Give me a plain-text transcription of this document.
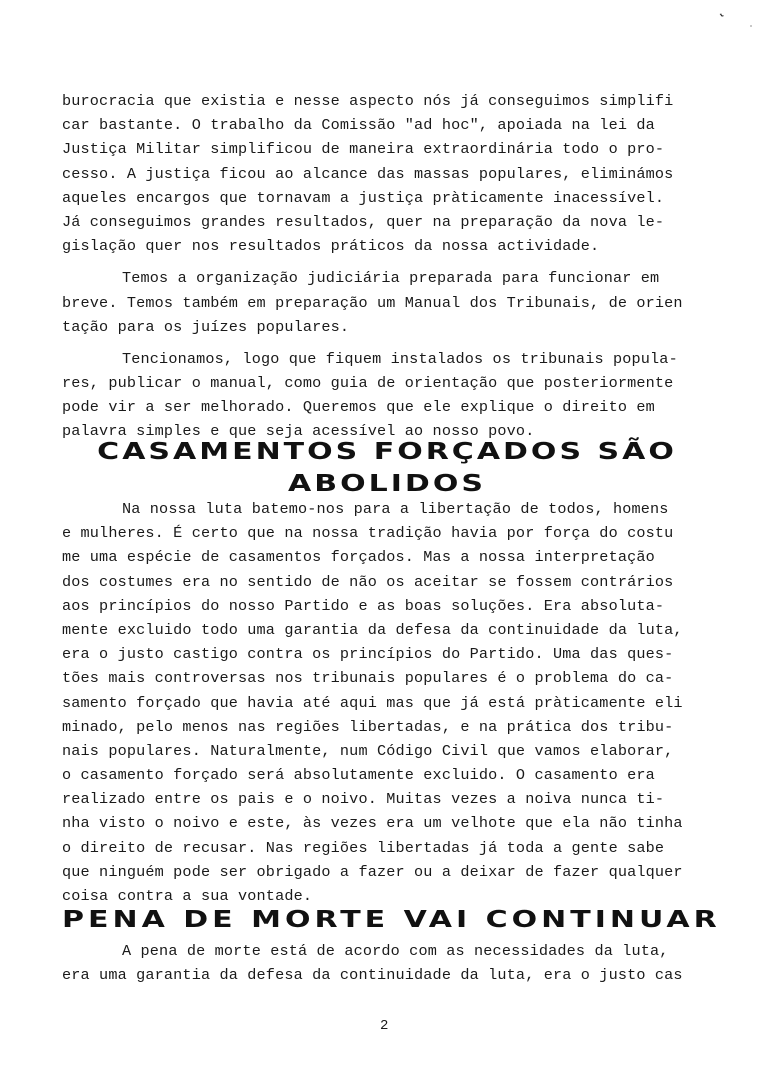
˞
˙
burocracia que existia e nesse aspecto nós já conseguimos simplifi
car bastante. O trabalho da Comissão "ad hoc", apoiada na lei da
Justiça Militar simplificou de maneira extraordinária todo o pro-
cesso. A justiça ficou ao alcance das massas populares, eliminámos
aqueles encargos que tornavam a justiça pràticamente inacessível.
Já conseguimos grandes resultados, quer na preparação da nova le-
gislação quer nos resultados práticos da nossa actividade.
Temos a organização judiciária preparada para funcionar em
breve. Temos também em preparação um Manual dos Tribunais, de orien
tação para os juízes populares.
Tencionamos, logo que fiquem instalados os tribunais popula-
res, publicar o manual, como guia de orientação que posteriormente
pode vir a ser melhorado. Queremos que ele explique o direito em
palavra simples e que seja acessível ao nosso povo.
CASAMENTOS FORÇADOS SÃO
ABOLIDOS
Na nossa luta batemo-nos para a libertação de todos, homens
e mulheres. É certo que na nossa tradição havia por força do costu
me uma espécie de casamentos forçados. Mas a nossa interpretação
dos costumes era no sentido de não os aceitar se fossem contrários
aos princípios do nosso Partido e as boas soluções. Era absoluta-
mente excluido todo uma garantia da defesa da continuidade da luta,
era o justo castigo contra os princípios do Partido. Uma das ques-
tões mais controversas nos tribunais populares é o problema do ca-
samento forçado que havia até aqui mas que já está pràticamente eli
minado, pelo menos nas regiões libertadas, e na prática dos tribu-
nais populares. Naturalmente, num Código Civil que vamos elaborar,
o casamento forçado será absolutamente excluido. O casamento era
realizado entre os pais e o noivo. Muitas vezes a noiva nunca ti-
nha visto o noivo e este, às vezes era um velhote que ela não tinha
o direito de recusar. Nas regiões libertadas já toda a gente sabe
que ninguém pode ser obrigado a fazer ou a deixar de fazer qualquer
coisa contra a sua vontade.
PENA DE MORTE VAI CONTINUAR
A pena de morte está de acordo com as necessidades da luta,
era uma garantia da defesa da continuidade da luta, era o justo cas
2
